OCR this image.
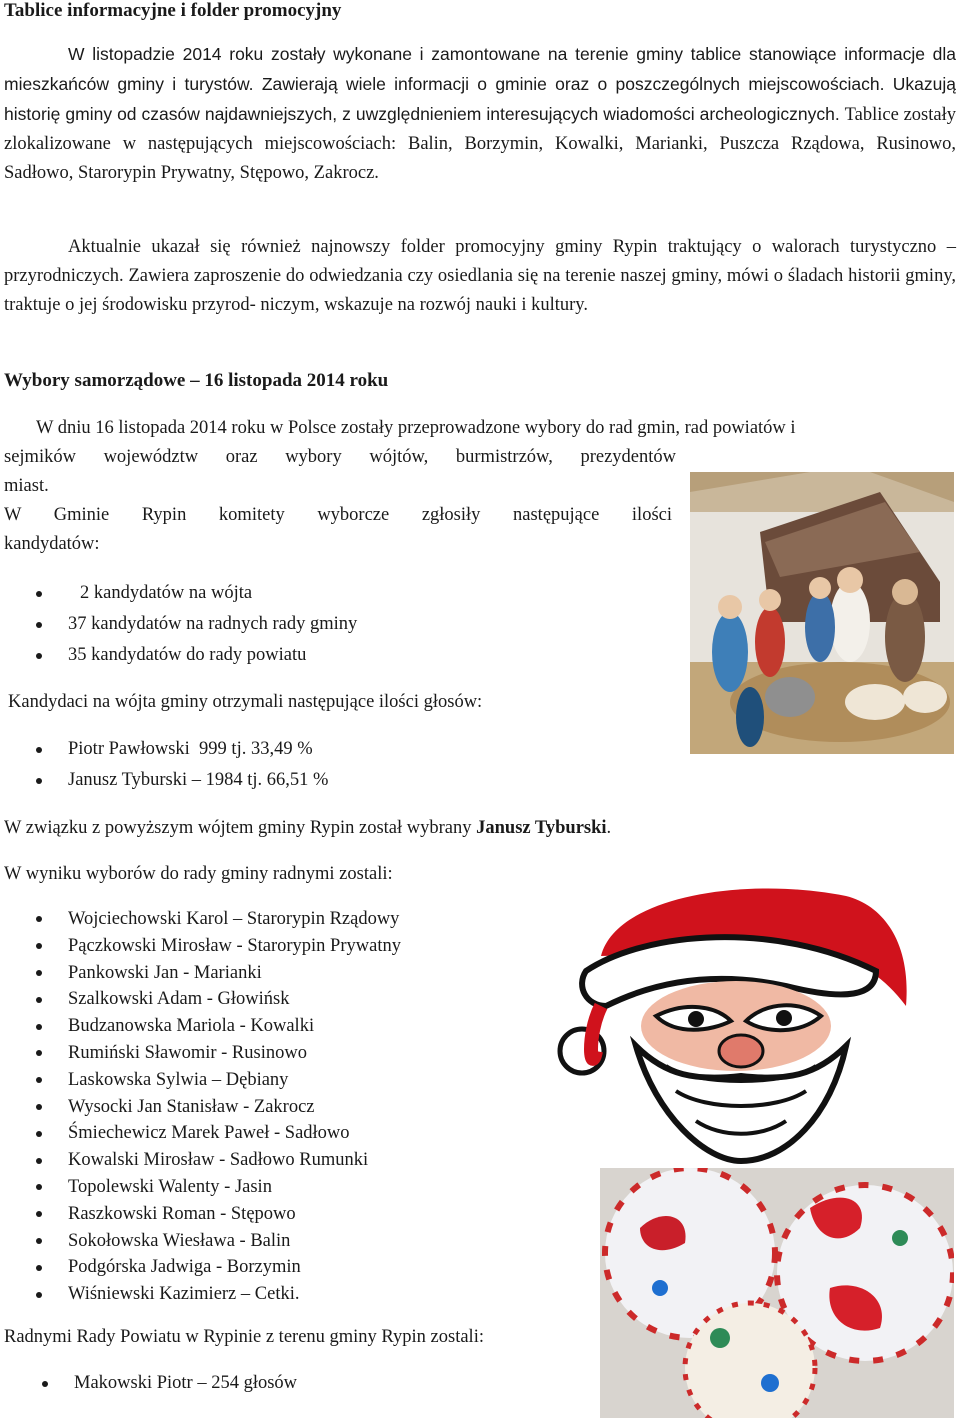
Tablice informacyjne i folder promocyjny
W listopadzie 2014 roku zostały wykonane i zamontowane na terenie gminy tablice stanowiące informacje dla mieszkańców gminy i turystów. Zawierają wiele informacji o gminie oraz o poszczególnych miejscowościach. Ukazują historię gminy od czasów najdawniejszych, z uwzględnieniem interesujących wiadomości archeologicznych. Tablice zostały zlokalizowane w następujących miejscowościach: Balin, Borzymin, Kowalki, Marianki, Puszcza Rządowa, Rusinowo, Sadłowo, Starorypin Prywatny, Stępowo, Zakrocz.
Aktualnie ukazał się również najnowszy folder promocyjny gminy Rypin traktujący o walorach turystyczno – przyrodniczych. Zawiera zaproszenie do odwiedzania czy osiedlania się na terenie naszej gminy, mówi o śladach historii gminy, traktuje o jej środowisku przyrod- niczym, wskazuje na rozwój nauki i kultury.
Wybory samorządowe – 16 listopada 2014 roku
W dniu 16 listopada 2014 roku w Polsce zostały przeprowadzone wybory do rad gmin, rad powiatów i
sejmików województw oraz wybory wójtów, burmistrzów, prezydentów
miast.
W Gminie Rypin komitety wyborcze zgłosiły następujące ilości
kandydatów:
2 kandydatów na wójta
37 kandydatów na radnych rady gminy
35 kandydatów do rady powiatu
Kandydaci na wójta gminy otrzymali następujące ilości głosów:
Piotr Pawłowski  999 tj. 33,49 %
Janusz Tyburski – 1984 tj. 66,51 %
W związku z powyższym wójtem gminy Rypin został wybrany Janusz Tyburski.
W wyniku wyborów do rady gminy radnymi zostali:
Wojciechowski Karol – Starorypin Rządowy
Pączkowski Mirosław - Starorypin Prywatny
Pankowski Jan - Marianki
Szalkowski Adam - Głowińsk
Budzanowska Mariola - Kowalki
Rumiński Sławomir - Rusinowo
Laskowska Sylwia – Dębiany
Wysocki Jan Stanisław - Zakrocz
Śmiechewicz Marek Paweł - Sadłowo
Kowalski Mirosław - Sadłowo Rumunki
Topolewski Walenty - Jasin
Raszkowski Roman - Stępowo
Sokołowska Wiesława - Balin
Podgórska Jadwiga - Borzymin
Wiśniewski Kazimierz – Cetki.
Radnymi Rady Powiatu w Rypinie z terenu gminy Rypin zostali:
Makowski Piotr – 254 głosów
